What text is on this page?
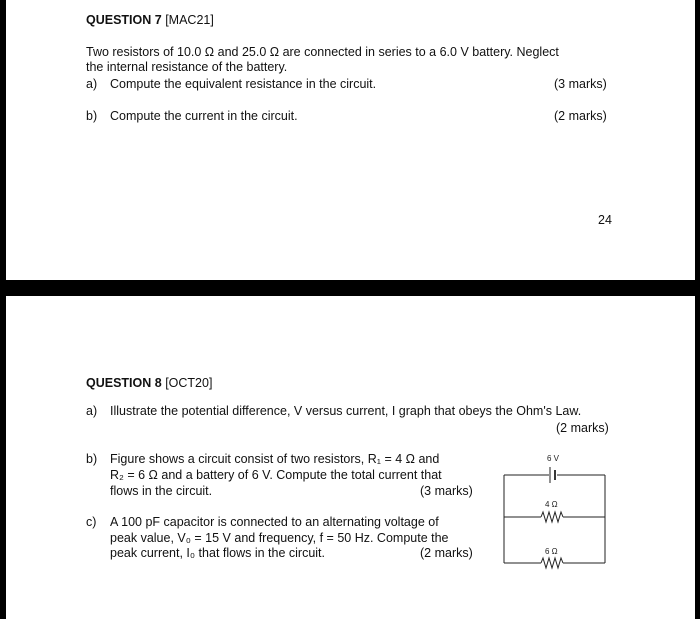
QUESTION 7 [MAC21]
Two resistors of 10.0 Ω and 25.0 Ω are connected in series to a 6.0 V battery. Neglect
the internal resistance of the battery.
a) Compute the equivalent resistance in the circuit.	(3 marks)
b) Compute the current in the circuit.	(2 marks)
24
QUESTION 8 [OCT20]
a) Illustrate the potential difference, V versus current, I graph that obeys the Ohm's Law.
(2 marks)
b) Figure shows a circuit consist of two resistors, R₁ = 4 Ω and
R₂ = 6 Ω and a battery of 6 V. Compute the total current that
flows in the circuit.	(3 marks)
c) A 100 pF capacitor is connected to an alternating voltage of
peak value, V₀ = 15 V and frequency, f = 50 Hz. Compute the
peak current, I₀ that flows in the circuit.	(2 marks)
6 V
4 Ω
6 Ω
